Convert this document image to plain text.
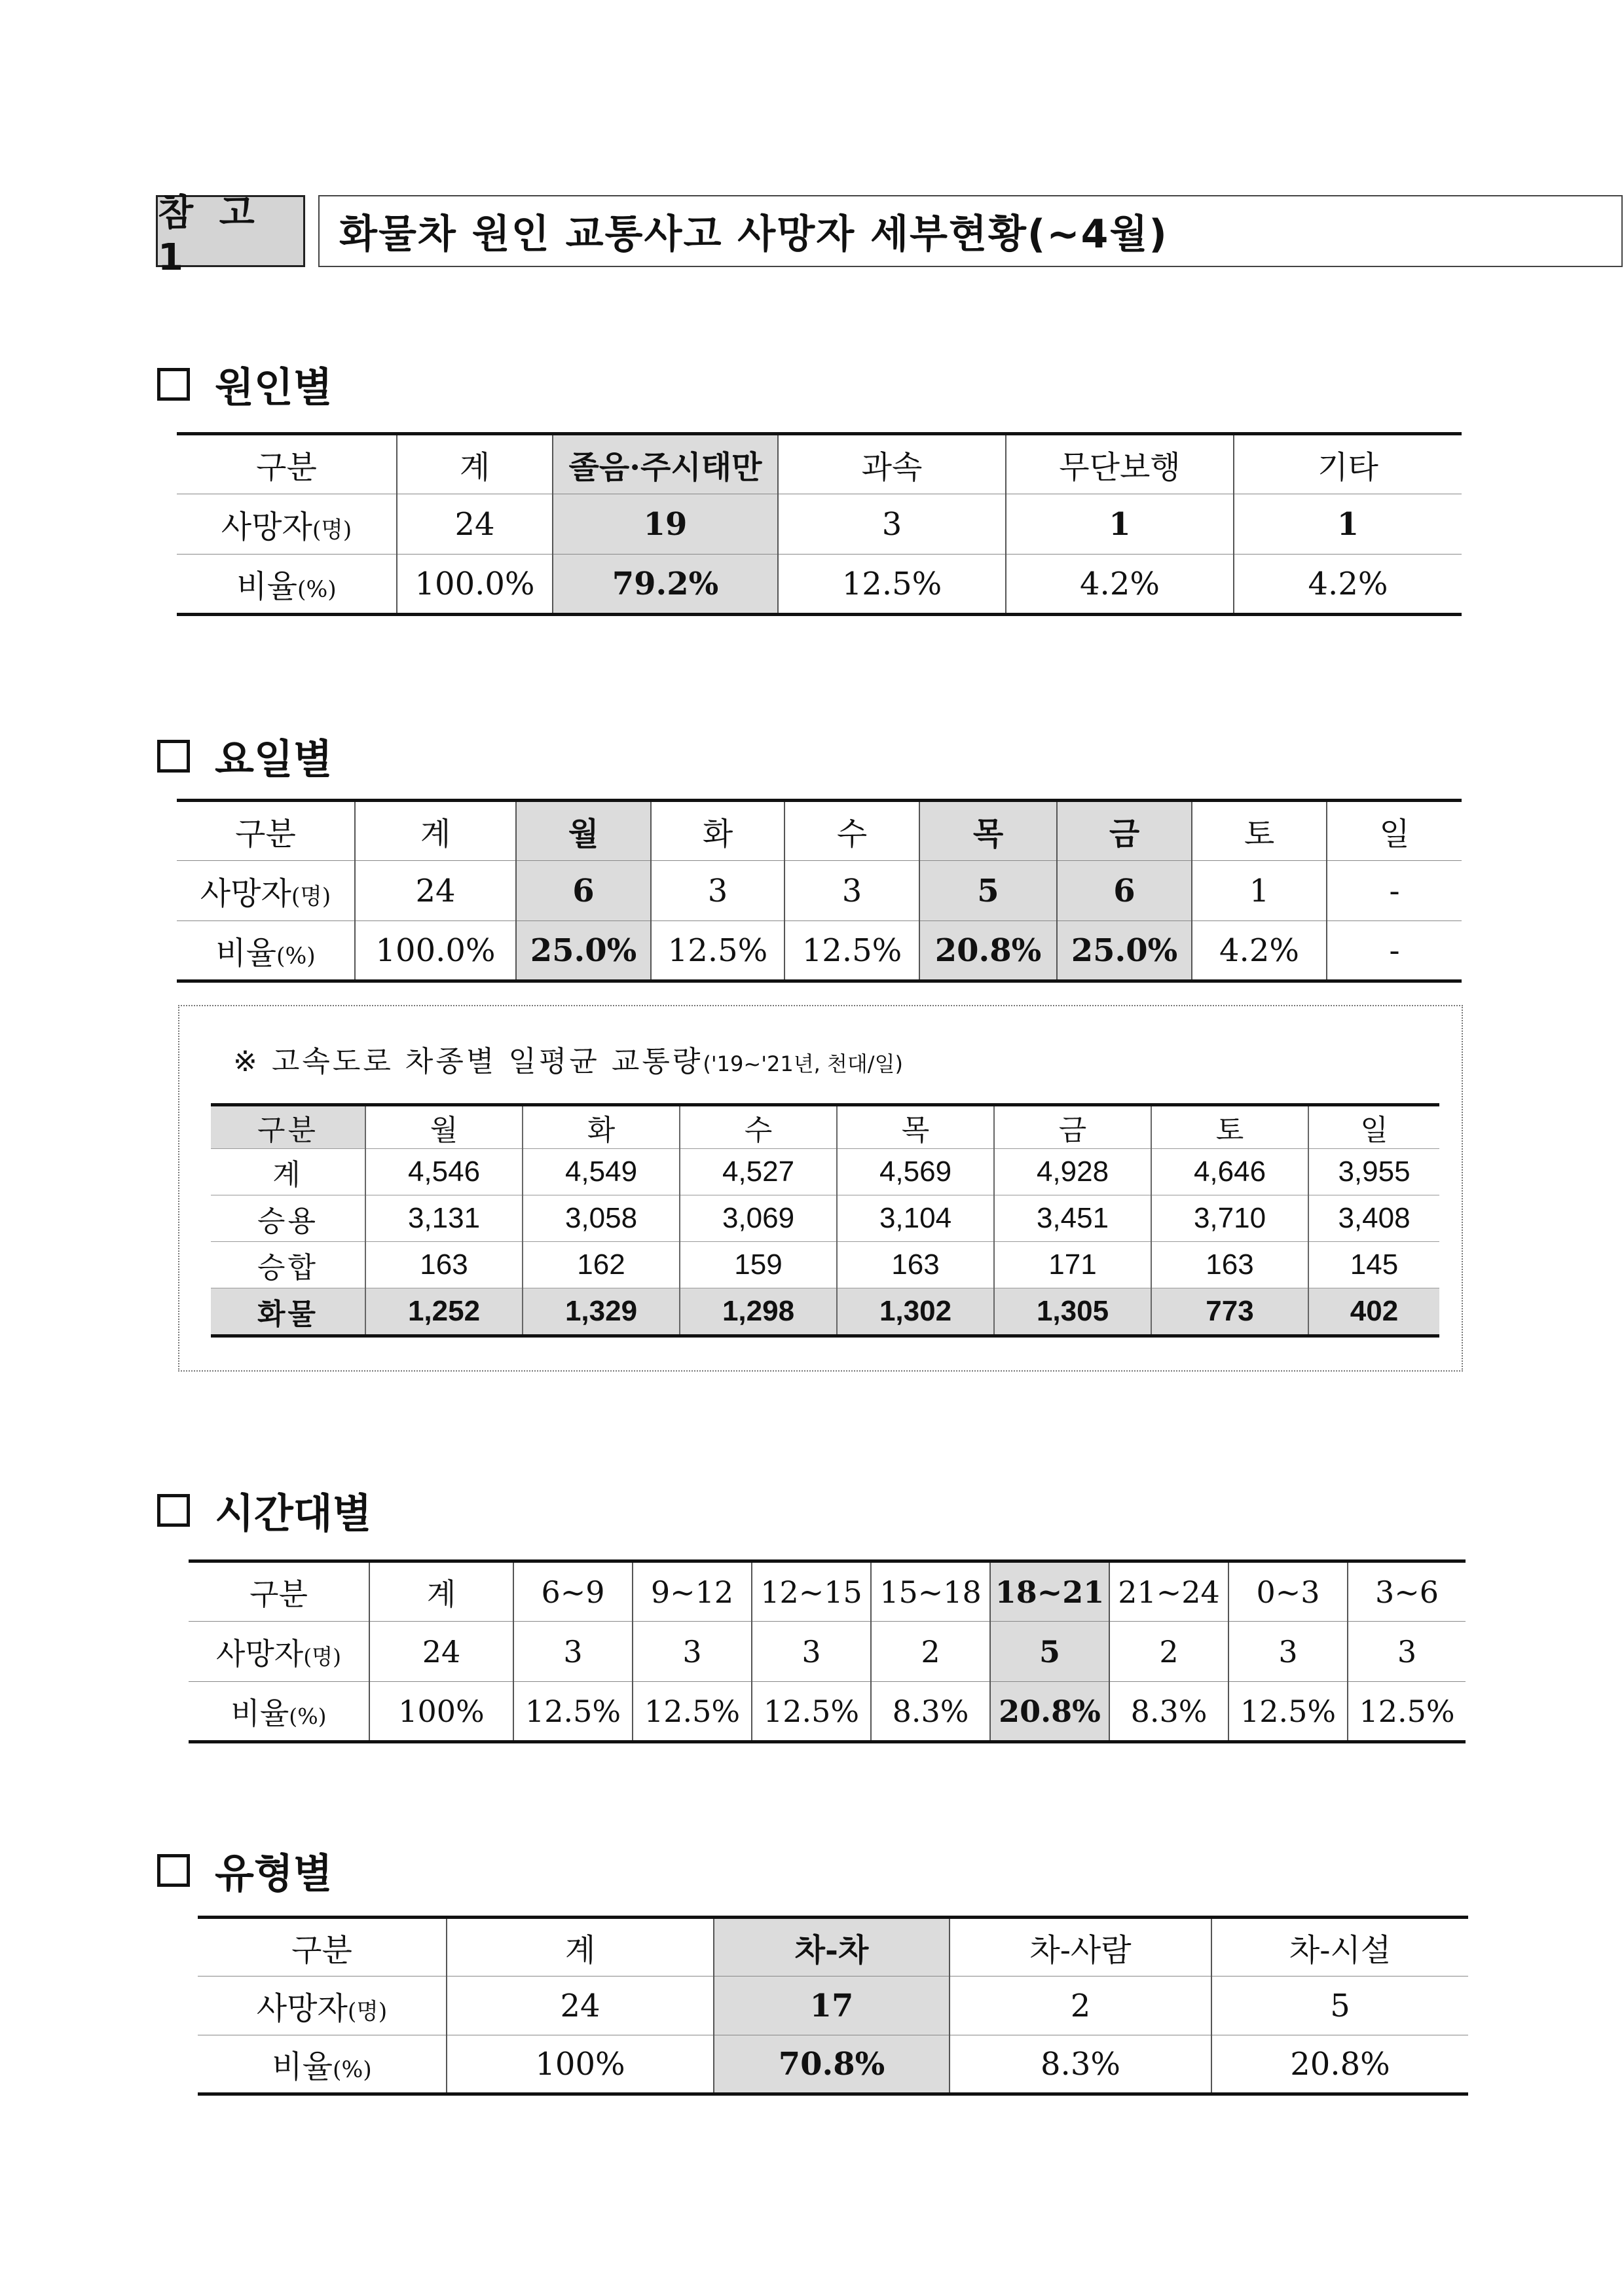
참 고 1	화물차 원인 교통사고 사망자 세부현황(~4월)
원인별
구분	계	졸음·주시태만	과속	무단보행	기타
사망자(명)	24	19	3	1	1
비율(%)	100.0%	79.2%	12.5%	4.2%	4.2%
요일별
구분	계	월	화	수	목	금	토	일
사망자(명)	24	6	3	3	5	6	1	-
비율(%)	100.0%	25.0%	12.5%	12.5%	20.8%	25.0%	4.2%	-
※ 고속도로 차종별 일평균 교통량('19~'21년, 천대/일)
구분	월	화	수	목	금	토	일
계	4,546	4,549	4,527	4,569	4,928	4,646	3,955
승용	3,131	3,058	3,069	3,104	3,451	3,710	3,408
승합	163	162	159	163	171	163	145
화물	1,252	1,329	1,298	1,302	1,305	773	402
시간대별
구분	계	6~9	9~12	12~15	15~18	18~21	21~24	0~3	3~6
사망자(명)	24	3	3	3	2	5	2	3	3
비율(%)	100%	12.5%	12.5%	12.5%	8.3%	20.8%	8.3%	12.5%	12.5%
유형별
구분	계	차-차	차-사람	차-시설
사망자(명)	24	17	2	5
비율(%)	100%	70.8%	8.3%	20.8%
